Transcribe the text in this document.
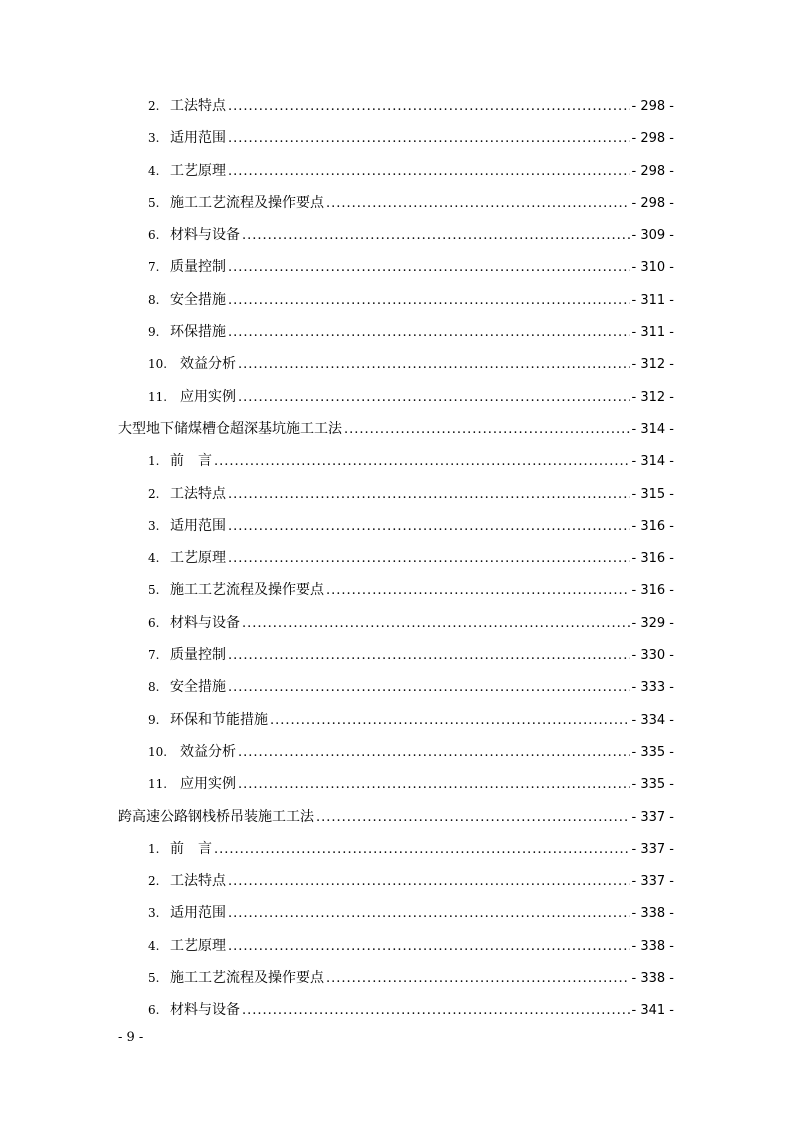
2. 工法特点 .....	- 298 -
3. 适用范围 .....	- 298 -
4. 工艺原理 .....	- 298 -
5. 施工工艺流程及操作要点 .....	- 298 -
6. 材料与设备 .....	- 309 -
7. 质量控制 .....	- 310 -
8. 安全措施 .....	- 311 -
9. 环保措施 .....	- 311 -
10. 效益分析 .....	- 312 -
11. 应用实例 .....	- 312 -
大型地下储煤槽仓超深基坑施工工法 .....	- 314 -
1. 前　言 .....	- 314 -
2. 工法特点 .....	- 315 -
3. 适用范围 .....	- 316 -
4. 工艺原理 .....	- 316 -
5. 施工工艺流程及操作要点 .....	- 316 -
6. 材料与设备 .....	- 329 -
7. 质量控制 .....	- 330 -
8. 安全措施 .....	- 333 -
9. 环保和节能措施 .....	- 334 -
10. 效益分析 .....	- 335 -
11. 应用实例 .....	- 335 -
跨高速公路钢栈桥吊装施工工法 .....	- 337 -
1. 前　言 .....	- 337 -
2. 工法特点 .....	- 337 -
3. 适用范围 .....	- 338 -
4. 工艺原理 .....	- 338 -
5. 施工工艺流程及操作要点 .....	- 338 -
6. 材料与设备 .....	- 341 -
- 9 -
